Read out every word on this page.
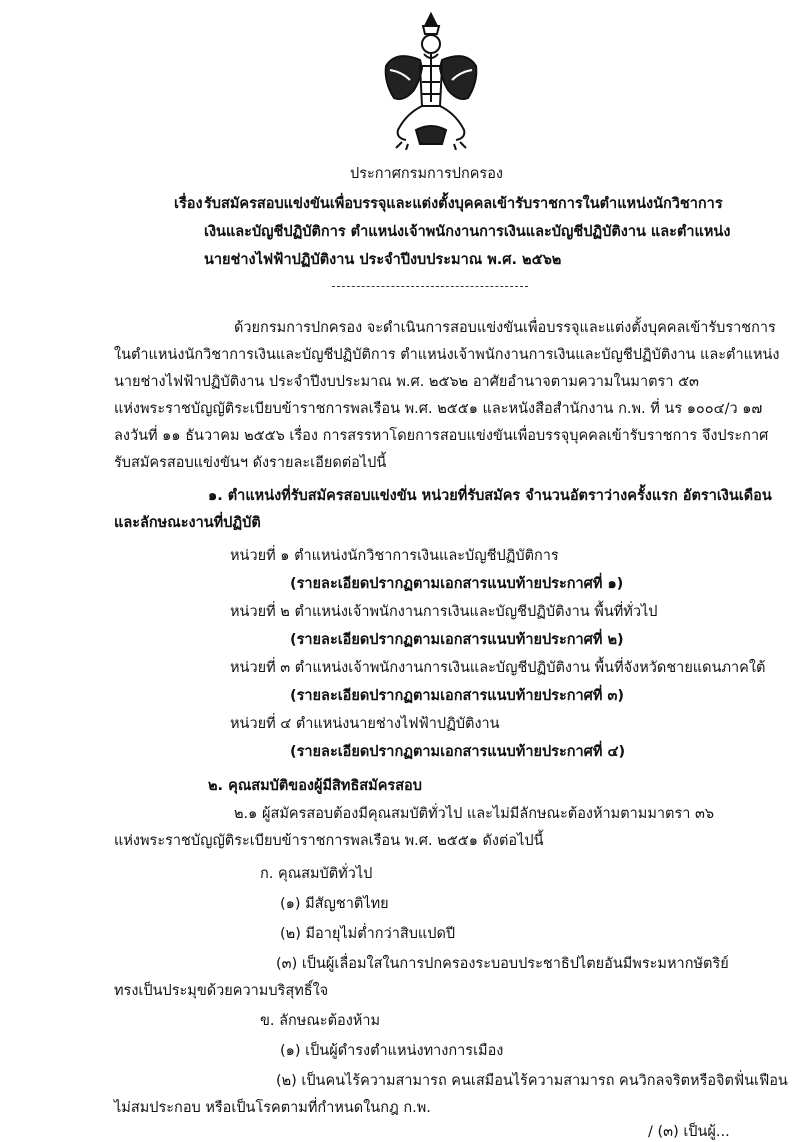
ประกาศกรมการปกครอง
เรื่อง รับสมัครสอบแข่งขันเพื่อบรรจุและแต่งตั้งบุคคลเข้ารับราชการในตำแหน่งนักวิชาการ
เงินและบัญชีปฏิบัติการ ตำแหน่งเจ้าพนักงานการเงินและบัญชีปฏิบัติงาน และตำแหน่ง
นายช่างไฟฟ้าปฏิบัติงาน ประจำปีงบประมาณ พ.ศ. ๒๕๖๒
ด้วยกรมการปกครอง จะดำเนินการสอบแข่งขันเพื่อบรรจุและแต่งตั้งบุคคลเข้ารับราชการ
ในตำแหน่งนักวิชาการเงินและบัญชีปฏิบัติการ ตำแหน่งเจ้าพนักงานการเงินและบัญชีปฏิบัติงาน และตำแหน่ง
นายช่างไฟฟ้าปฏิบัติงาน ประจำปีงบประมาณ พ.ศ. ๒๕๖๒ อาศัยอำนาจตามความในมาตรา ๕๓
แห่งพระราชบัญญัติระเบียบข้าราชการพลเรือน พ.ศ. ๒๕๕๑ และหนังสือสำนักงาน ก.พ. ที่ นร ๑๐๐๔/ว ๑๗
ลงวันที่ ๑๑ ธันวาคม ๒๕๕๖ เรื่อง การสรรหาโดยการสอบแข่งขันเพื่อบรรจุบุคคลเข้ารับราชการ จึงประกาศ
รับสมัครสอบแข่งขันฯ ดังรายละเอียดต่อไปนี้
๑. ตำแหน่งที่รับสมัครสอบแข่งขัน หน่วยที่รับสมัคร จำนวนอัตราว่างครั้งแรก อัตราเงินเดือน
และลักษณะงานที่ปฏิบัติ
หน่วยที่ ๑ ตำแหน่งนักวิชาการเงินและบัญชีปฏิบัติการ
(รายละเอียดปรากฏตามเอกสารแนบท้ายประกาศที่ ๑)
หน่วยที่ ๒ ตำแหน่งเจ้าพนักงานการเงินและบัญชีปฏิบัติงาน พื้นที่ทั่วไป
(รายละเอียดปรากฏตามเอกสารแนบท้ายประกาศที่ ๒)
หน่วยที่ ๓ ตำแหน่งเจ้าพนักงานการเงินและบัญชีปฏิบัติงาน พื้นที่จังหวัดชายแดนภาคใต้
(รายละเอียดปรากฏตามเอกสารแนบท้ายประกาศที่ ๓)
หน่วยที่ ๔ ตำแหน่งนายช่างไฟฟ้าปฏิบัติงาน
(รายละเอียดปรากฏตามเอกสารแนบท้ายประกาศที่ ๔)
๒. คุณสมบัติของผู้มีสิทธิสมัครสอบ
๒.๑ ผู้สมัครสอบต้องมีคุณสมบัติทั่วไป และไม่มีลักษณะต้องห้ามตามมาตรา ๓๖
แห่งพระราชบัญญัติระเบียบข้าราชการพลเรือน พ.ศ. ๒๕๕๑ ดังต่อไปนี้
ก. คุณสมบัติทั่วไป
(๑) มีสัญชาติไทย
(๒) มีอายุไม่ต่ำกว่าสิบแปดปี
(๓) เป็นผู้เลื่อมใสในการปกครองระบอบประชาธิปไตยอันมีพระมหากษัตริย์
ทรงเป็นประมุขด้วยความบริสุทธิ์ใจ
ข. ลักษณะต้องห้าม
(๑) เป็นผู้ดำรงตำแหน่งทางการเมือง
(๒) เป็นคนไร้ความสามารถ คนเสมือนไร้ความสามารถ คนวิกลจริตหรือจิตฟั่นเฟือน
ไม่สมประกอบ หรือเป็นโรคตามที่กำหนดในกฎ ก.พ.
/ (๓) เป็นผู้...
